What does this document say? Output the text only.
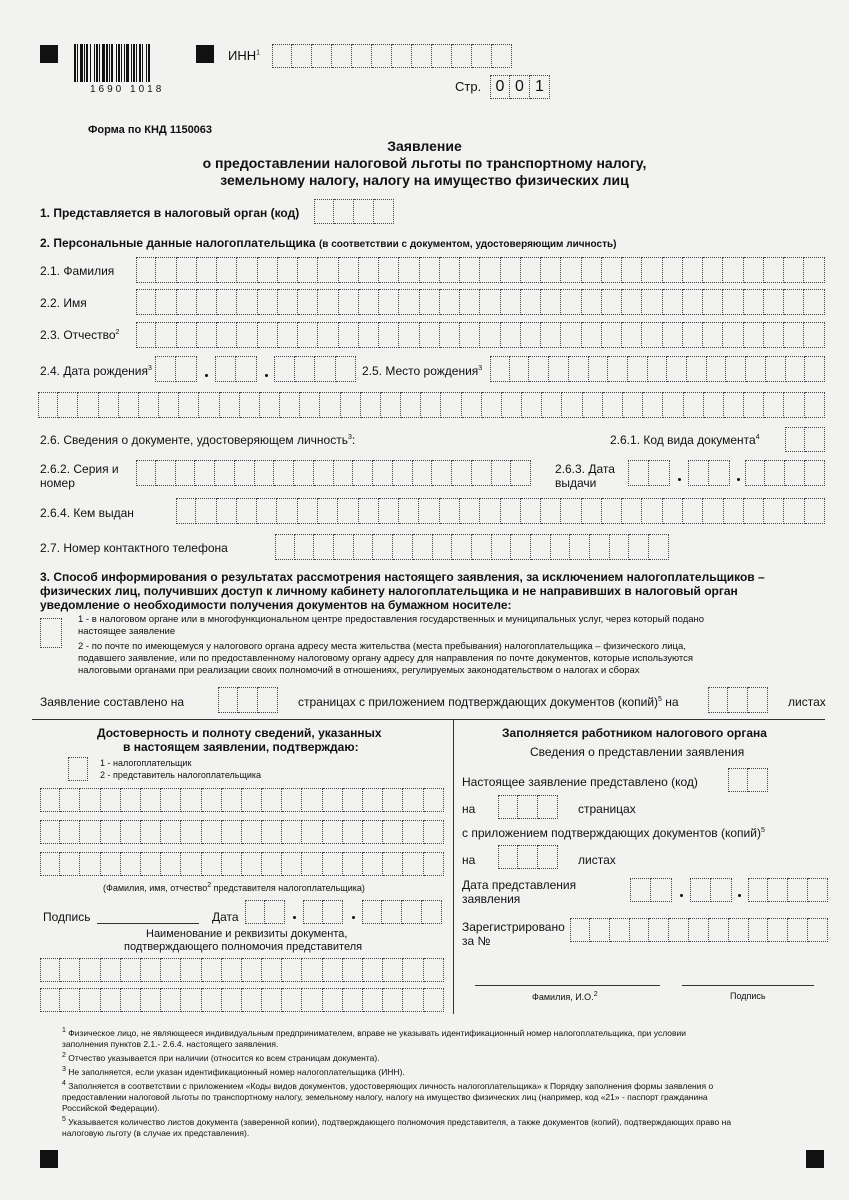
1690 1018
ИНН$^1$
Стр. 0 0 1
Форма по КНД 1150063
Заявление
о предоставлении налоговой льготы по транспортному налогу,
земельному налогу, налогу на имущество физических лиц
1. Представляется в налоговый орган (код)
2. Персональные данные налогоплательщика (в соответствии с документом, удостоверяющим личность)
2.1. Фамилия
2.2. Имя
2.3. Отчество$^2$
2.4. Дата рождения$^3$	2.5. Место рождения$^3$
2.6. Сведения о документе, удостоверяющем личность$^3$:	2.6.1. Код вида документа$^4$
2.6.2. Серия и
номер
2.6.3. Дата
выдачи
2.6.4. Кем выдан
2.7. Номер контактного телефона
3. Способ информирования о результатах рассмотрения настоящего заявления, за исключением налогоплательщиков –
физических лиц, получивших доступ к личному кабинету налогоплательщика и не направивших в налоговый орган
уведомление о необходимости получения документов на бумажном носителе:
1 - в налоговом органе или в многофункциональном центре предоставления государственных и муниципальных услуг, через который подано
настоящее заявление
2 - по почте по имеющемуся у налогового органа адресу места жительства (места пребывания) налогоплательщика – физического лица,
подавшего заявление, или по предоставленному налоговому органу адресу для направления по почте документов, которые используются
налоговыми органами при реализации своих полномочий в отношениях, регулируемых законодательством о налогах и сборах
Заявление составлено на	страницах с приложением подтверждающих документов (копий)$^5$ на	листах
Достоверность и полноту сведений, указанных
в настоящем заявлении, подтверждаю:
1 - налогоплательщик
2 - представитель налогоплательщика
(Фамилия, имя, отчество$^2$ представителя налогоплательщика)
Подпись	Дата
Наименование и реквизиты документа,
подтверждающего полномочия представителя
Заполняется работником налогового органа
Сведения о представлении заявления
Настоящее заявление представлено (код)
на	страницах
с приложением подтверждающих документов (копий)$^5$
на	листах
Дата представления
заявления
Зарегистрировано
за №
Фамилия, И.О.$^2$	Подпись
$^1$ Физическое лицо, не являющееся индивидуальным предпринимателем, вправе не указывать идентификационный номер налогоплательщика, при условии
заполнения пунктов 2.1.- 2.6.4. настоящего заявления.
$^2$ Отчество указывается при наличии (относится ко всем страницам документа).
$^3$ Не заполняется, если указан идентификационный номер налогоплательщика (ИНН).
$^4$ Заполняется в соответствии с приложением «Коды видов документов, удостоверяющих личность налогоплательщика» к Порядку заполнения формы заявления о
предоставлении налоговой льготы по транспортному налогу, земельному налогу, налогу на имущество физических лиц (например, код «21» - паспорт гражданина
Российской Федерации).
$^5$ Указывается количество листов документа (заверенной копии), подтверждающего полномочия представителя, а также документов (копий), подтверждающих право на
налоговую льготу (в случае их представления).
